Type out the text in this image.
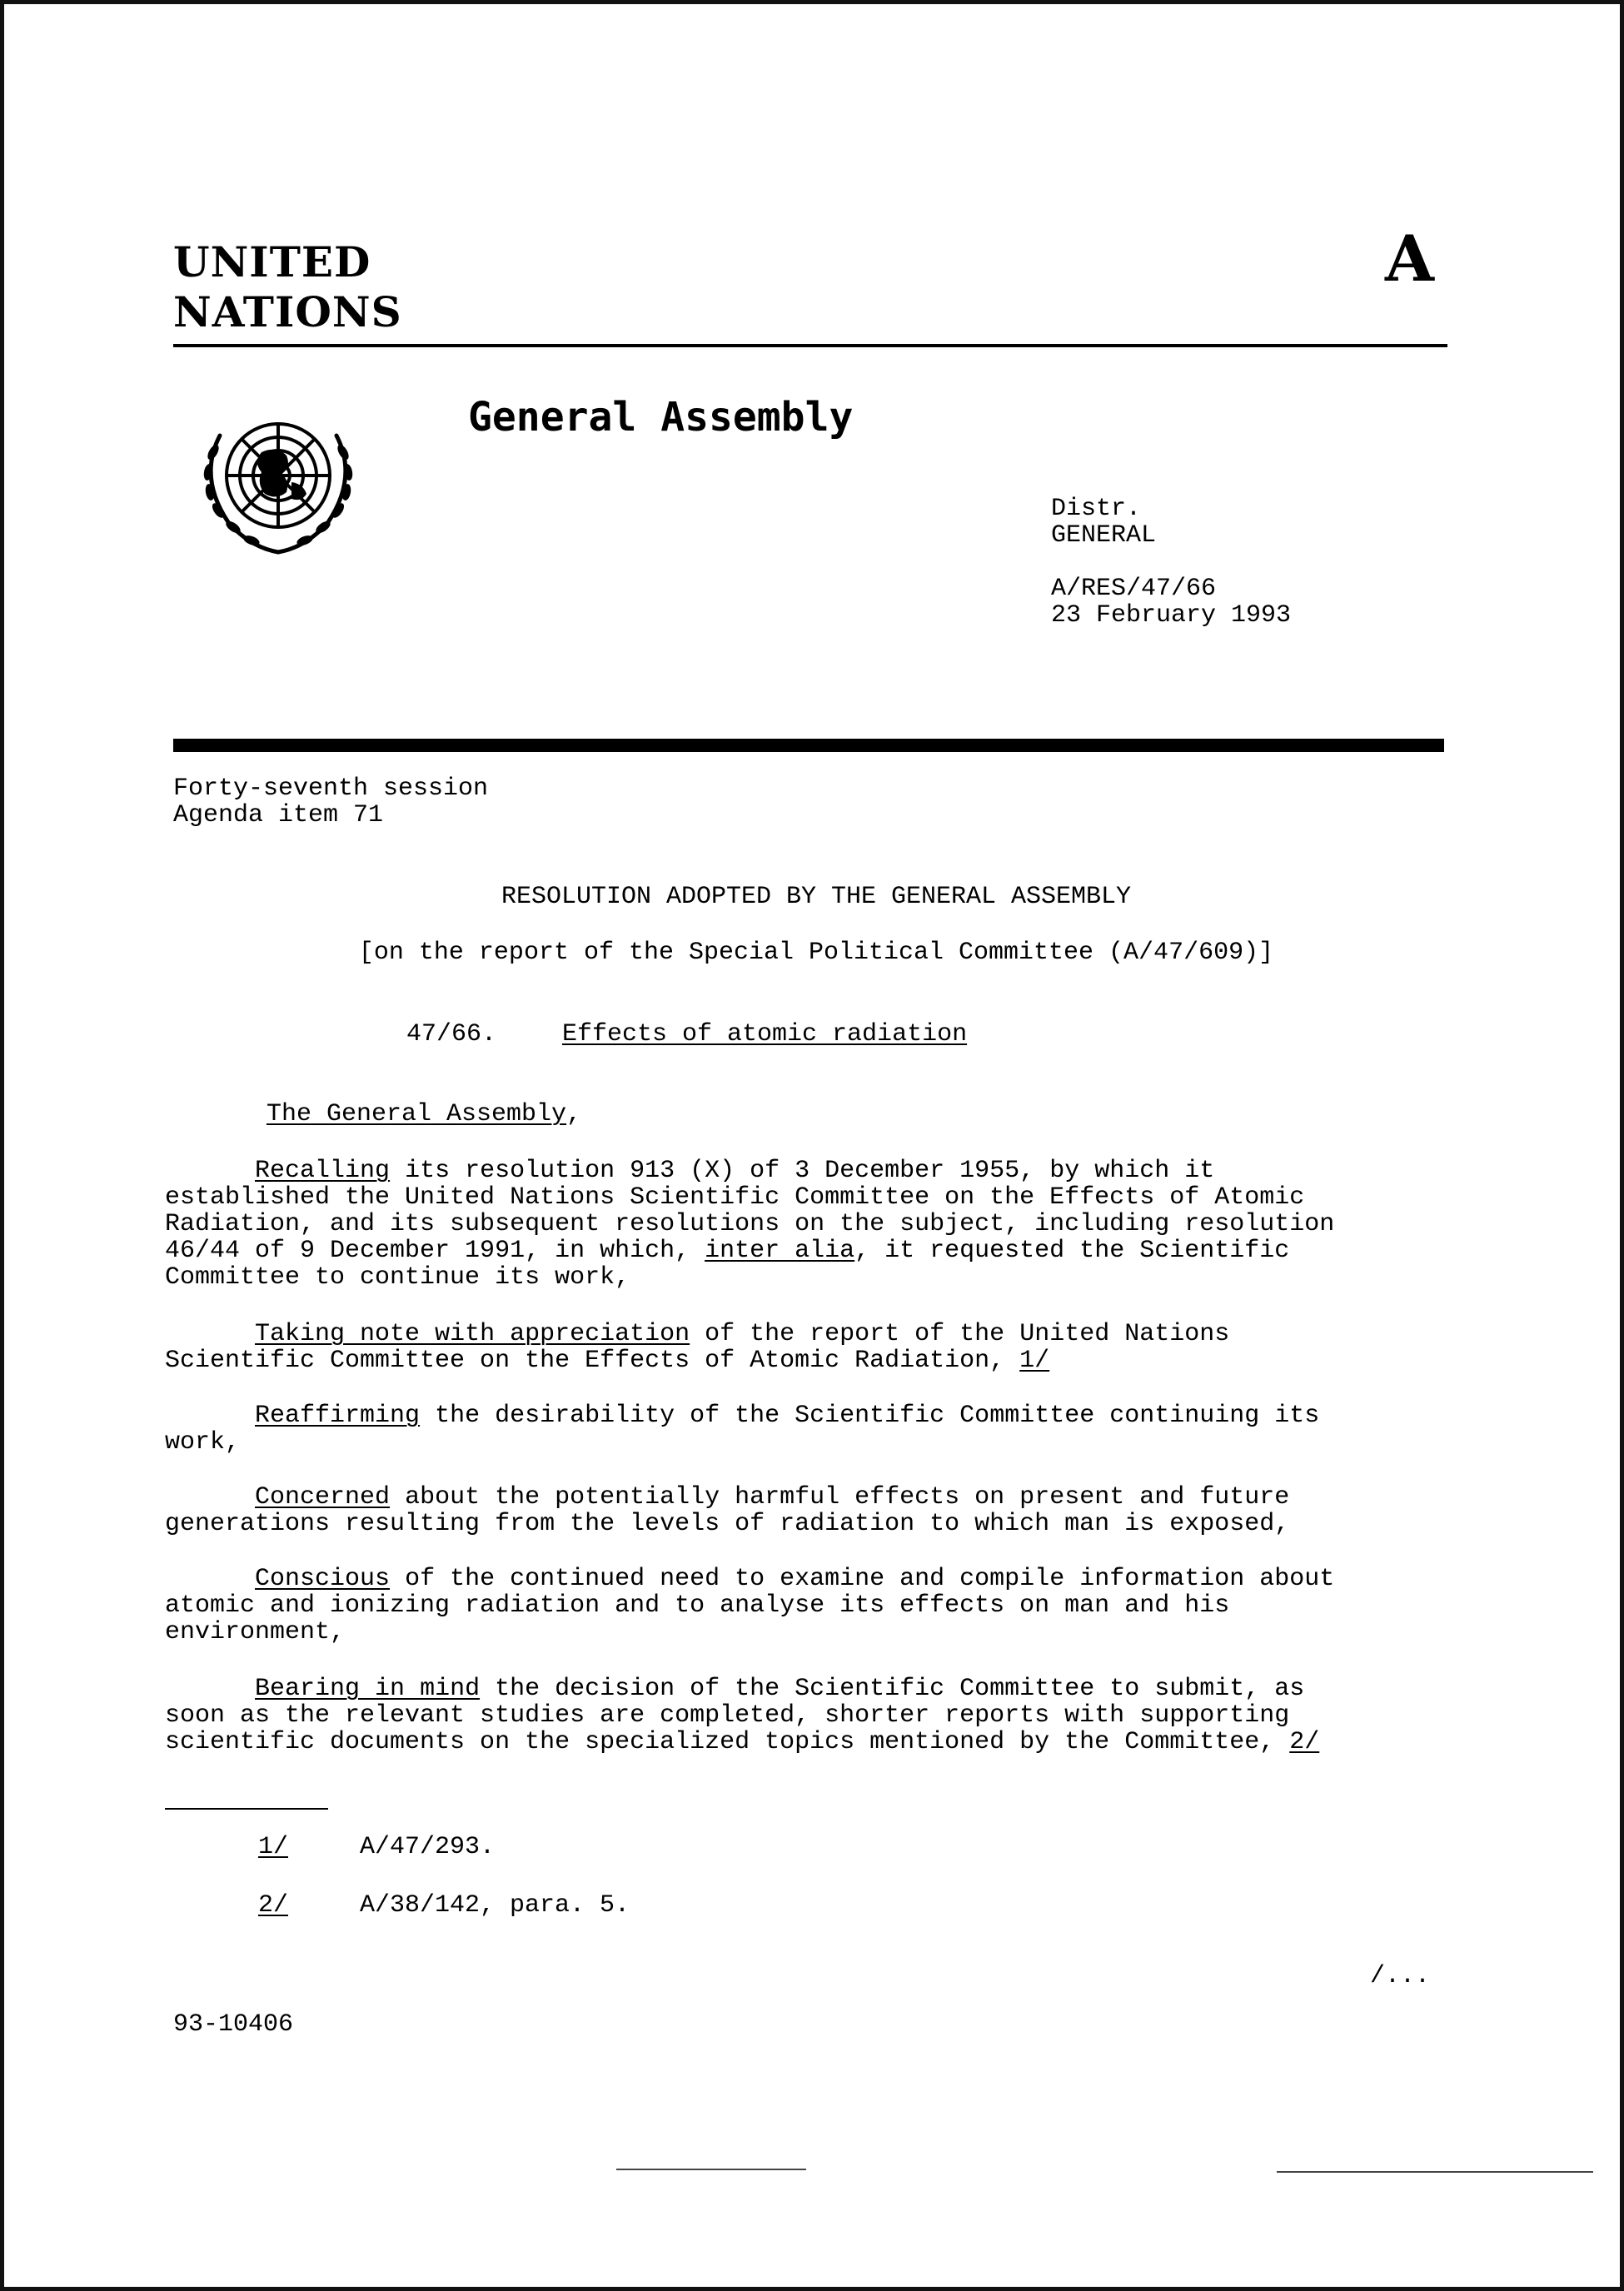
UNITED
NATIONS
A
General Assembly
Distr.
GENERAL
A/RES/47/66
23 February 1993
Forty-seventh session
Agenda item 71
RESOLUTION ADOPTED BY THE GENERAL ASSEMBLY
[on the report of the Special Political Committee (A/47/609)]
47/66.	Effects of atomic radiation
The General Assembly,

Recalling its resolution 913 (X) of 3 December 1955, by which it

established the United Nations Scientific Committee on the Effects of Atomic

Radiation, and its subsequent resolutions on the subject, including resolution

46/44 of 9 December 1991, in which, inter alia, it requested the Scientific

Committee to continue its work,

Taking note with appreciation of the report of the United Nations

Scientific Committee on the Effects of Atomic Radiation, 1/

Reaffirming the desirability of the Scientific Committee continuing its

work,

Concerned about the potentially harmful effects on present and future

generations resulting from the levels of radiation to which man is exposed,

Conscious of the continued need to examine and compile information about

atomic and ionizing radiation and to analyse its effects on man and his

environment,

Bearing in mind the decision of the Scientific Committee to submit, as

soon as the relevant studies are completed, shorter reports with supporting

scientific documents on the specialized topics mentioned by the Committee, 2/

1/	A/47/293.
2/	A/38/142, para. 5.
/...
93-10406
